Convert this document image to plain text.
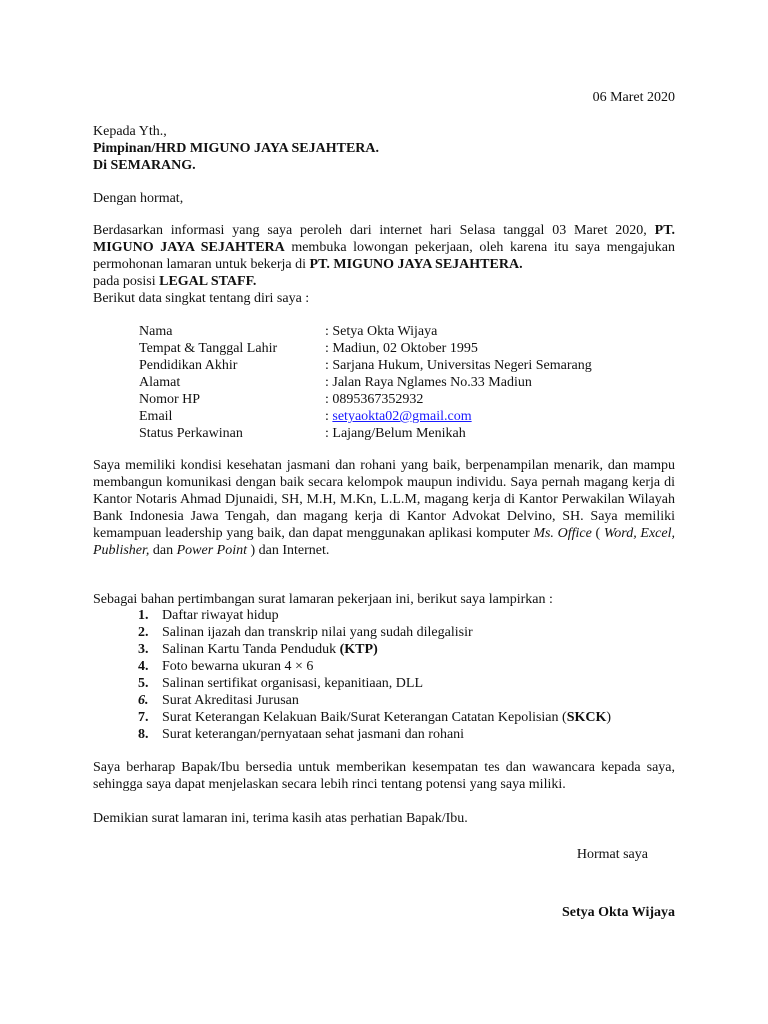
06 Maret 2020
Kepada Yth.,
Pimpinan/HRD MIGUNO JAYA SEJAHTERA.
Di SEMARANG.
Dengan hormat,
Berdasarkan informasi yang saya peroleh dari internet hari Selasa tanggal 03 Maret 2020, PT. MIGUNO JAYA SEJAHTERA membuka lowongan pekerjaan, oleh karena itu saya mengajukan permohonan lamaran untuk bekerja di PT. MIGUNO JAYA SEJAHTERA.
pada posisi LEGAL STAFF.
Berikut data singkat tentang diri saya :
Nama	: Setya Okta Wijaya
Tempat & Tanggal Lahir	: Madiun, 02 Oktober 1995
Pendidikan Akhir	: Sarjana Hukum, Universitas Negeri Semarang
Alamat	: Jalan Raya Nglames No.33 Madiun
Nomor HP	: 0895367352932
Email	: setyaokta02@gmail.com
Status Perkawinan	: Lajang/Belum Menikah
Saya memiliki kondisi kesehatan jasmani dan rohani yang baik, berpenampilan menarik, dan mampu membangun komunikasi dengan baik secara kelompok maupun individu. Saya pernah magang kerja di Kantor Notaris Ahmad Djunaidi, SH, M.H, M.Kn, L.L.M, magang kerja di Kantor Perwakilan Wilayah Bank Indonesia Jawa Tengah, dan magang kerja di Kantor Advokat Delvino, SH. Saya memiliki kemampuan leadership yang baik, dan dapat menggunakan aplikasi komputer Ms. Office ( Word, Excel, Publisher, dan Power Point ) dan Internet.
Sebagai bahan pertimbangan surat lamaran pekerjaan ini, berikut saya lampirkan :
1. Daftar riwayat hidup
2. Salinan ijazah dan transkrip nilai yang sudah dilegalisir
3. Salinan Kartu Tanda Penduduk (KTP)
4. Foto bewarna ukuran 4 × 6
5. Salinan sertifikat organisasi, kepanitiaan, DLL
6. Surat Akreditasi Jurusan
7. Surat Keterangan Kelakuan Baik/Surat Keterangan Catatan Kepolisian (SKCK)
8. Surat keterangan/pernyataan sehat jasmani dan rohani
Saya berharap Bapak/Ibu bersedia untuk memberikan kesempatan tes dan wawancara kepada saya, sehingga saya dapat menjelaskan secara lebih rinci tentang potensi yang saya miliki.
Demikian surat lamaran ini, terima kasih atas perhatian Bapak/Ibu.
Hormat saya
Setya Okta Wijaya
